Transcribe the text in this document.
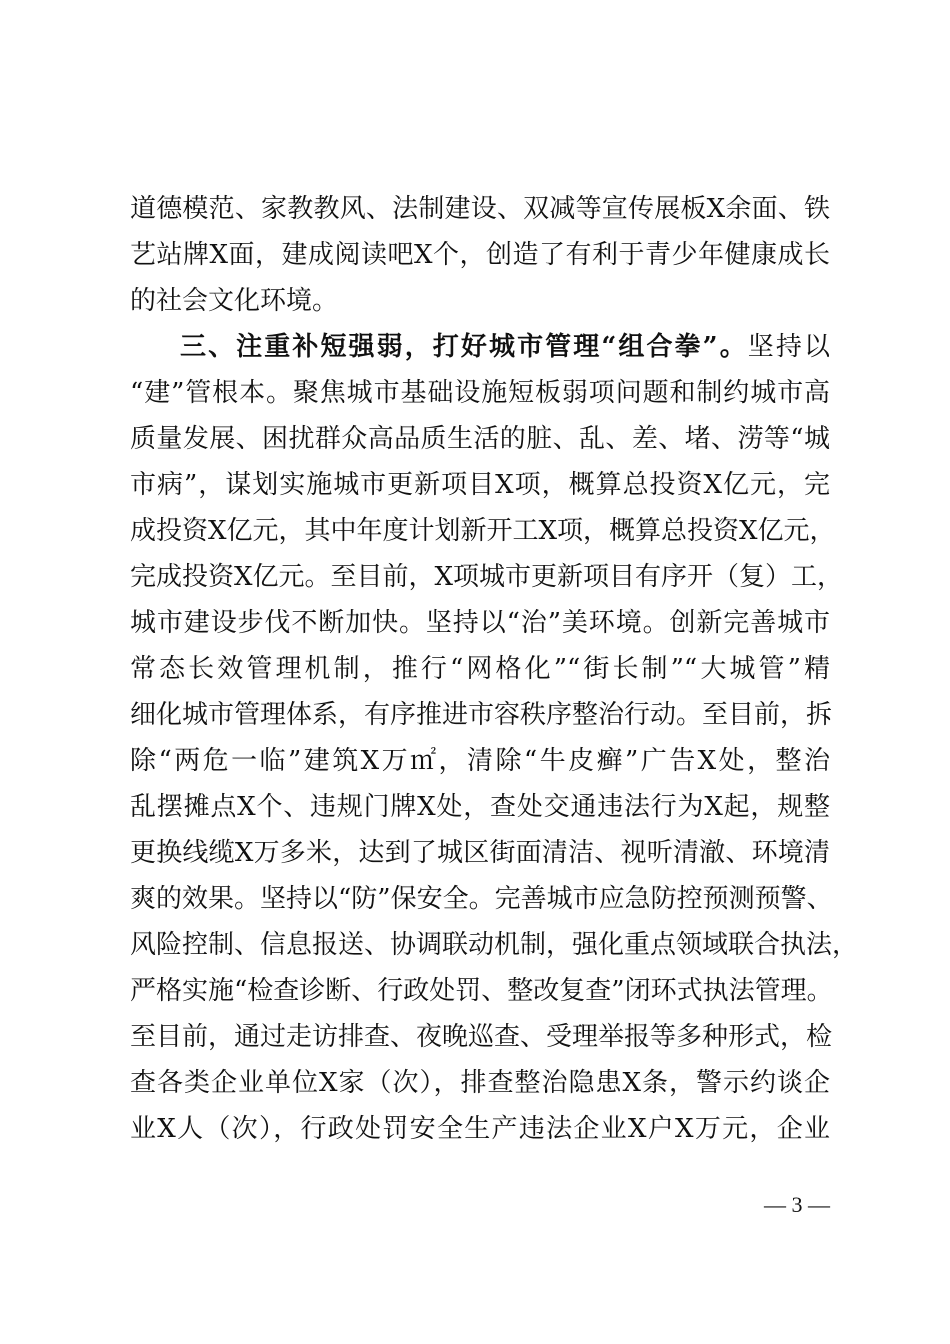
道德模范、家教教风、法制建设、双减等宣传展板X余面、铁
艺站牌X面，建成阅读吧X个，创造了有利于青少年健康成长
的社会文化环境。
三、注重补短强弱，打好城市管理“组合拳”。坚持以
“建”管根本。聚焦城市基础设施短板弱项问题和制约城市高
质量发展、困扰群众高品质生活的脏、乱、差、堵、涝等“城
市病”，谋划实施城市更新项目X项，概算总投资X亿元，完
成投资X亿元，其中年度计划新开工X项，概算总投资X亿元，
完成投资X亿元。至目前，X项城市更新项目有序开（复）工，
城市建设步伐不断加快。坚持以“治”美环境。创新完善城市
常态长效管理机制，推行“网格化”“街长制”“大城管”精
细化城市管理体系，有序推进市容秩序整治行动。至目前，拆
除“两危一临”建筑X万㎡，清除“牛皮癣”广告X处，整治
乱摆摊点X个、违规门牌X处，查处交通违法行为X起，规整
更换线缆X万多米，达到了城区街面清洁、视听清澈、环境清
爽的效果。坚持以“防”保安全。完善城市应急防控预测预警、
风险控制、信息报送、协调联动机制，强化重点领域联合执法，
严格实施“检查诊断、行政处罚、整改复查”闭环式执法管理。
至目前，通过走访排查、夜晚巡查、受理举报等多种形式，检
查各类企业单位X家（次），排查整治隐患X条，警示约谈企
业X人（次），行政处罚安全生产违法企业X户X万元，企业
— 3 —
